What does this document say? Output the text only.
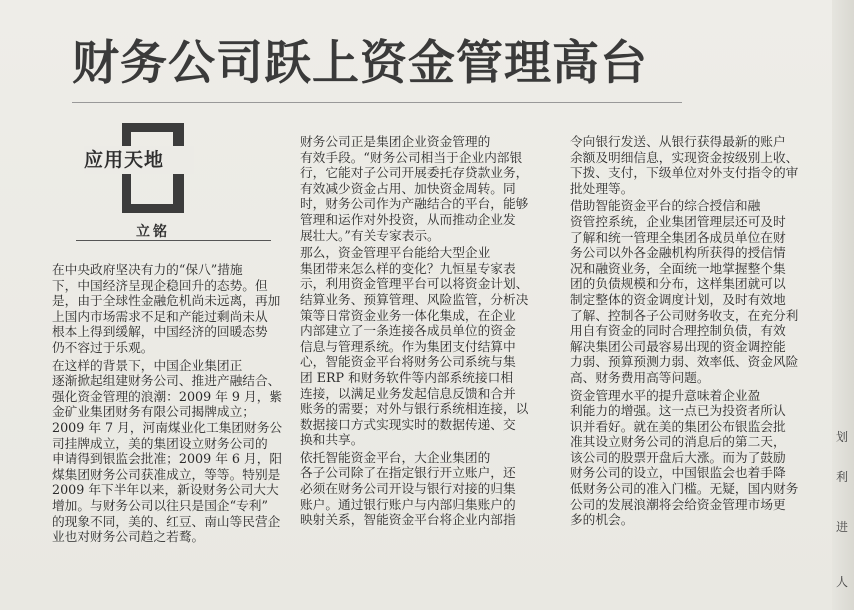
财务公司跃上资金管理高台
应用天地
立铭

在中央政府坚决有力的“保八”措施
下，中国经济呈现企稳回升的态势。但
是，由于全球性金融危机尚未远离，再加
上国内市场需求不足和产能过剩尚未从
根本上得到缓解，中国经济的回暖态势
仍不容过于乐观。

在这样的背景下，中国企业集团正
逐渐掀起组建财务公司、推进产融结合、
强化资金管理的浪潮：2009 年 9 月，紫
金矿业集团财务有限公司揭牌成立；
2009 年 7 月，河南煤业化工集团财务公
司挂牌成立，美的集团设立财务公司的
申请得到银监会批准；2009 年 6 月，阳
煤集团财务公司获准成立，等等。特别是
2009 年下半年以来，新设财务公司大大
增加。与财务公司以往只是国企“专利”
的现象不同，美的、红豆、南山等民营企
业也对财务公司趋之若鹜。

财务公司正是集团企业资金管理的
有效手段。“财务公司相当于企业内部银
行，它能对子公司开展委托存贷款业务，
有效减少资金占用、加快资金周转。同
时，财务公司作为产融结合的平台，能够
管理和运作对外投资，从而推动企业发
展壮大。”有关专家表示。

那么，资金管理平台能给大型企业
集团带来怎么样的变化？九恒星专家表
示，利用资金管理平台可以将资金计划、
结算业务、预算管理、风险监管，分析决
策等日常资金业务一体化集成，在企业
内部建立了一条连接各成员单位的资金
信息与管理系统。作为集团支付结算中
心，智能资金平台将财务公司系统与集
团 ERP 和财务软件等内部系统接口相
连接，以满足业务发起信息反馈和合并
账务的需要；对外与银行系统相连接，以
数据接口方式实现实时的数据传递、交
换和共享。

依托智能资金平台，大企业集团的
各子公司除了在指定银行开立账户，还
必须在财务公司开设与银行对接的归集
账户。通过银行账户与内部归集账户的
映射关系，智能资金平台将企业内部指

令向银行发送、从银行获得最新的账户
余额及明细信息，实现资金按级别上收、
下拨、支付，下级单位对外支付指令的审
批处理等。

借助智能资金平台的综合授信和融
资管控系统，企业集团管理层还可及时
了解和统一管理全集团各成员单位在财
务公司以外各金融机构所获得的授信情
况和融资业务，全面统一地掌握整个集
团的负债规模和分布，这样集团就可以
制定整体的资金调度计划，及时有效地
了解、控制各子公司财务收支，在充分利
用自有资金的同时合理控制负债，有效
解决集团公司最容易出现的资金调控能
力弱、预算预测力弱、效率低、资金风险
高、财务费用高等问题。

资金管理水平的提升意味着企业盈
利能力的增强。这一点已为投资者所认
识并看好。就在美的集团公布银监会批
准其设立财务公司的消息后的第二天，
该公司的股票开盘后大涨。而为了鼓励
财务公司的设立，中国银监会也着手降
低财务公司的准入门槛。无疑，国内财务
公司的发展浪潮将会给资金管理市场更
多的机会。

划
利
进
人
